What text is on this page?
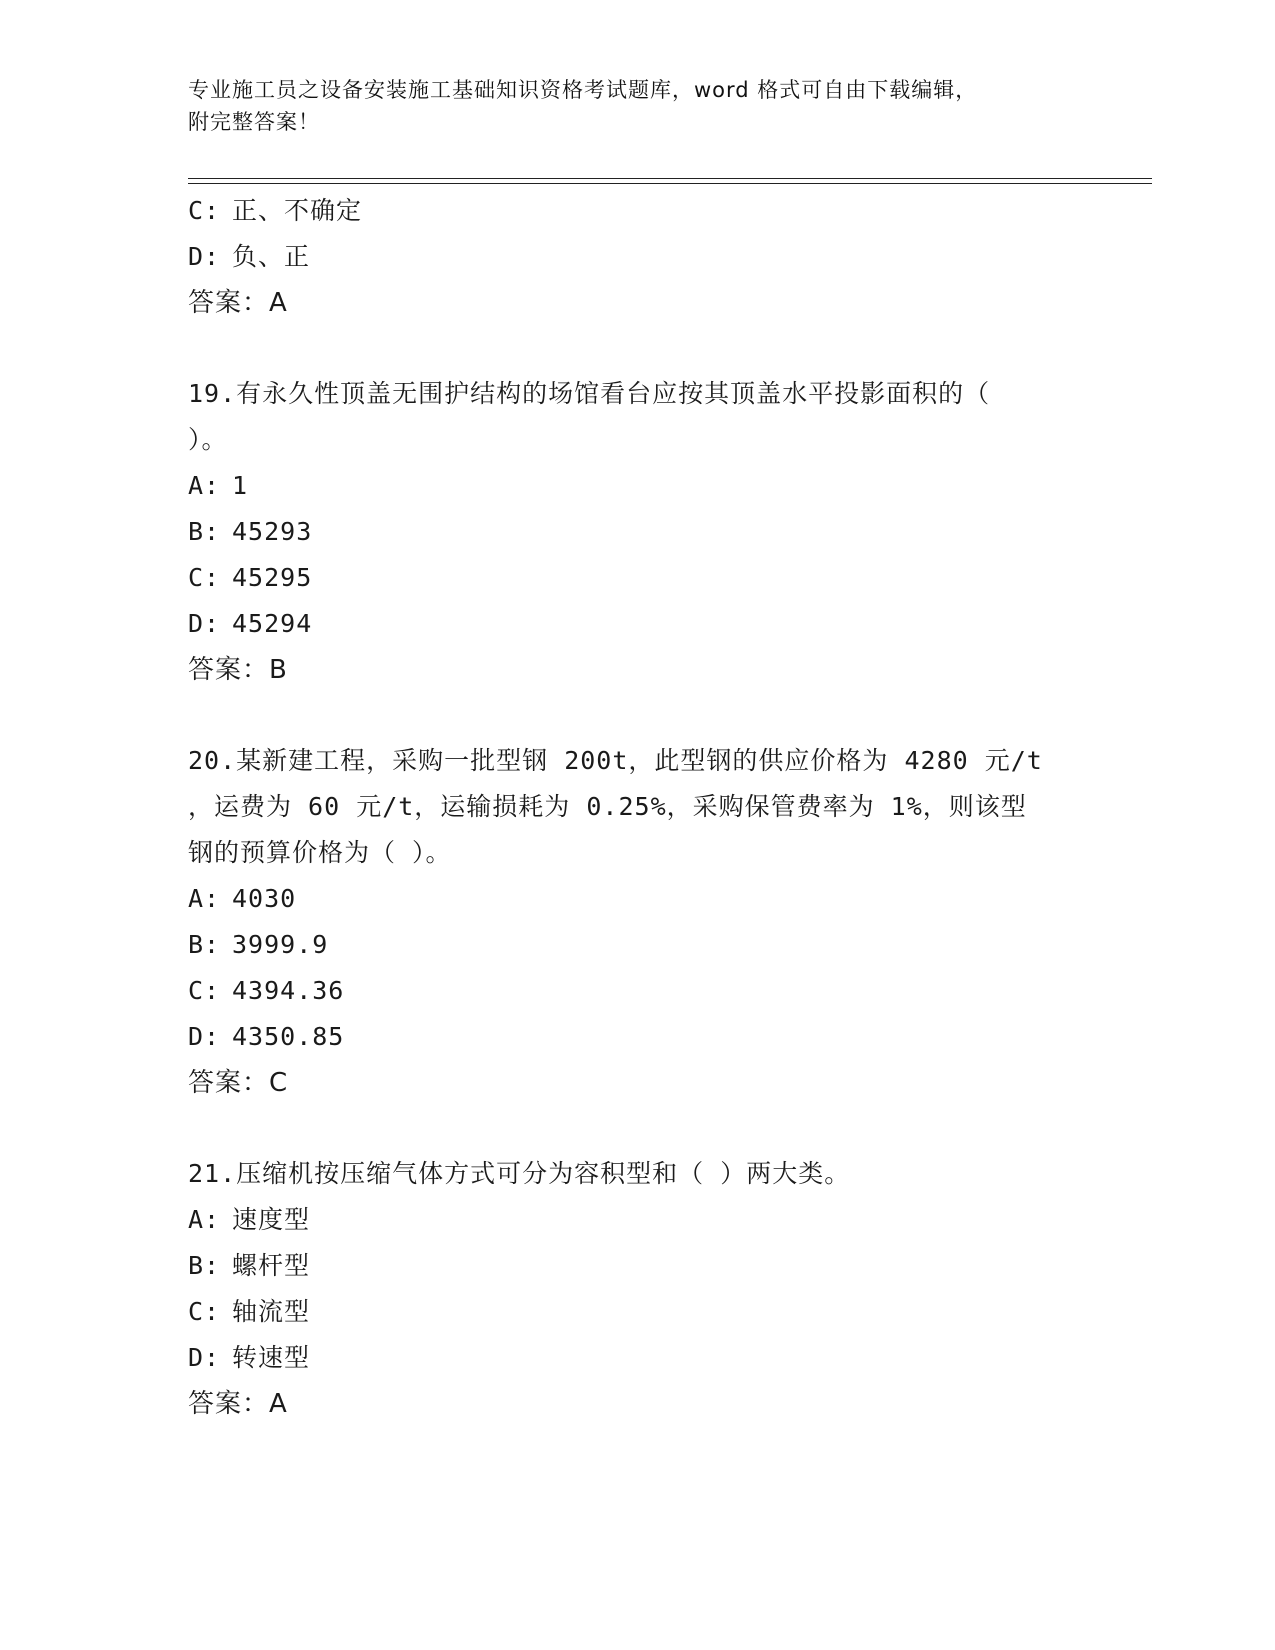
专业施工员之设备安装施工基础知识资格考试题库，word 格式可自由下载编辑，
附完整答案！
C: 正、不确定
D: 负、正
答案：A
19.有永久性顶盖无围护结构的场馆看台应按其顶盖水平投影面积的（
）。
A: 1
B: 45293
C: 45295
D: 45294
答案：B
20.某新建工程，采购一批型钢 200t，此型钢的供应价格为 4280 元/t
，运费为 60 元/t，运输损耗为 0.25%，采购保管费率为 1%，则该型
钢的预算价格为（ ）。
A: 4030
B: 3999.9
C: 4394.36
D: 4350.85
答案：C
21.压缩机按压缩气体方式可分为容积型和（ ）两大类。
A: 速度型
B: 螺杆型
C: 轴流型
D: 转速型
答案：A
